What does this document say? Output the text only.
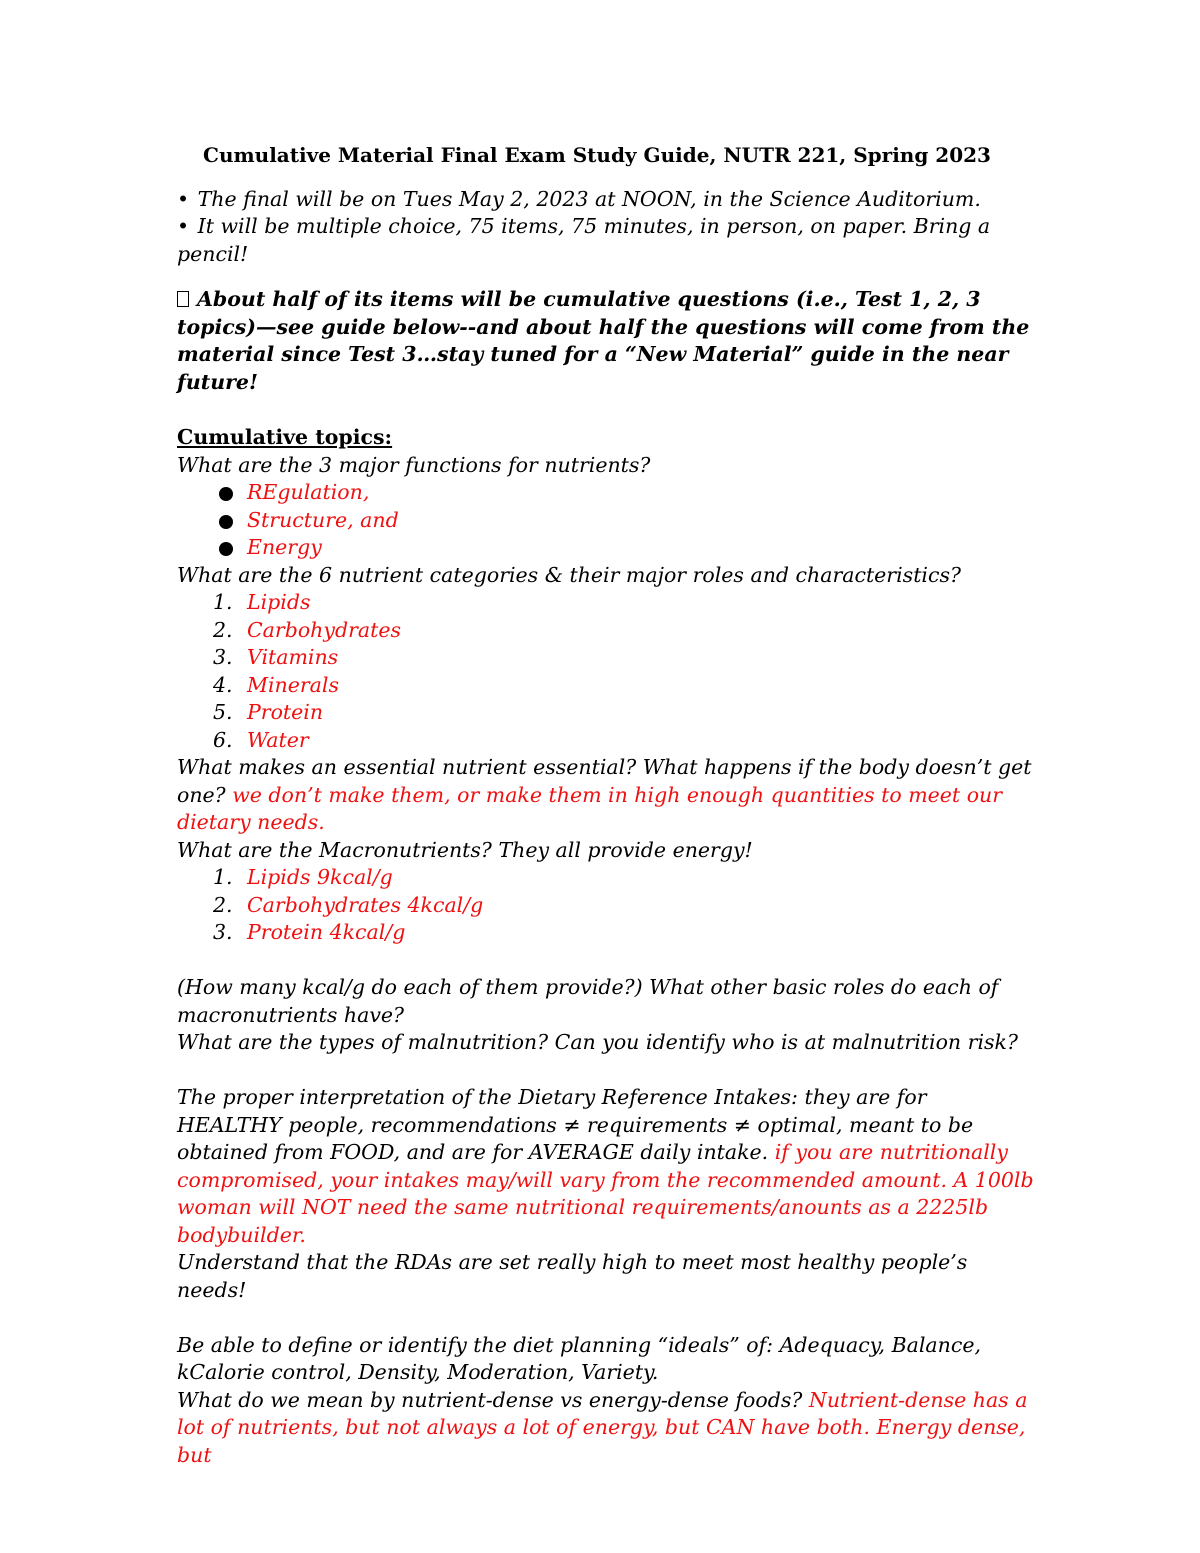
Cumulative Material Final Exam Study Guide, NUTR 221, Spring 2023

• The final will be on Tues May 2, 2023 at NOON, in the Science Auditorium.

• It will be multiple choice, 75 items, 75 minutes, in person, on paper. Bring a pencil!

About half of its items will be cumulative questions (i.e., Test 1, 2, 3 topics)—see guide below--and about half the questions will come from the material since Test 3…stay tuned for a “New Material” guide in the near future!

Cumulative topics:

What are the 3 major functions for nutrients?

REgulation,
Structure, and
Energy

What are the 6 nutrient categories & their major roles and characteristics?

1. Lipids
2. Carbohydrates
3. Vitamins
4. Minerals
5. Protein
6. Water

What makes an essential nutrient essential? What happens if the body doesn’t get one? we don’t make them, or make them in high enough quantities to meet our dietary needs.

What are the Macronutrients? They all provide energy!

1. Lipids 9kcal/g
2. Carbohydrates 4kcal/g
3. Protein 4kcal/g

(How many kcal/g do each of them provide?) What other basic roles do each of macronutrients have?

What are the types of malnutrition? Can you identify who is at malnutrition risk?

The proper interpretation of the Dietary Reference Intakes: they are for HEALTHY people, recommendations ≠ requirements ≠ optimal, meant to be obtained from FOOD, and are for AVERAGE daily intake. if you are nutritionally compromised, your intakes may/will vary from the recommended amount. A 100lb woman will NOT need the same nutritional requirements/anounts as a 2225lb bodybuilder.

Understand that the RDAs are set really high to meet most healthy people’s needs!

Be able to define or identify the diet planning “ideals” of: Adequacy, Balance, kCalorie control, Density, Moderation, Variety.

What do we mean by nutrient-dense vs energy-dense foods? Nutrient-dense has a lot of nutrients, but not always a lot of energy, but CAN have both. Energy dense, but
